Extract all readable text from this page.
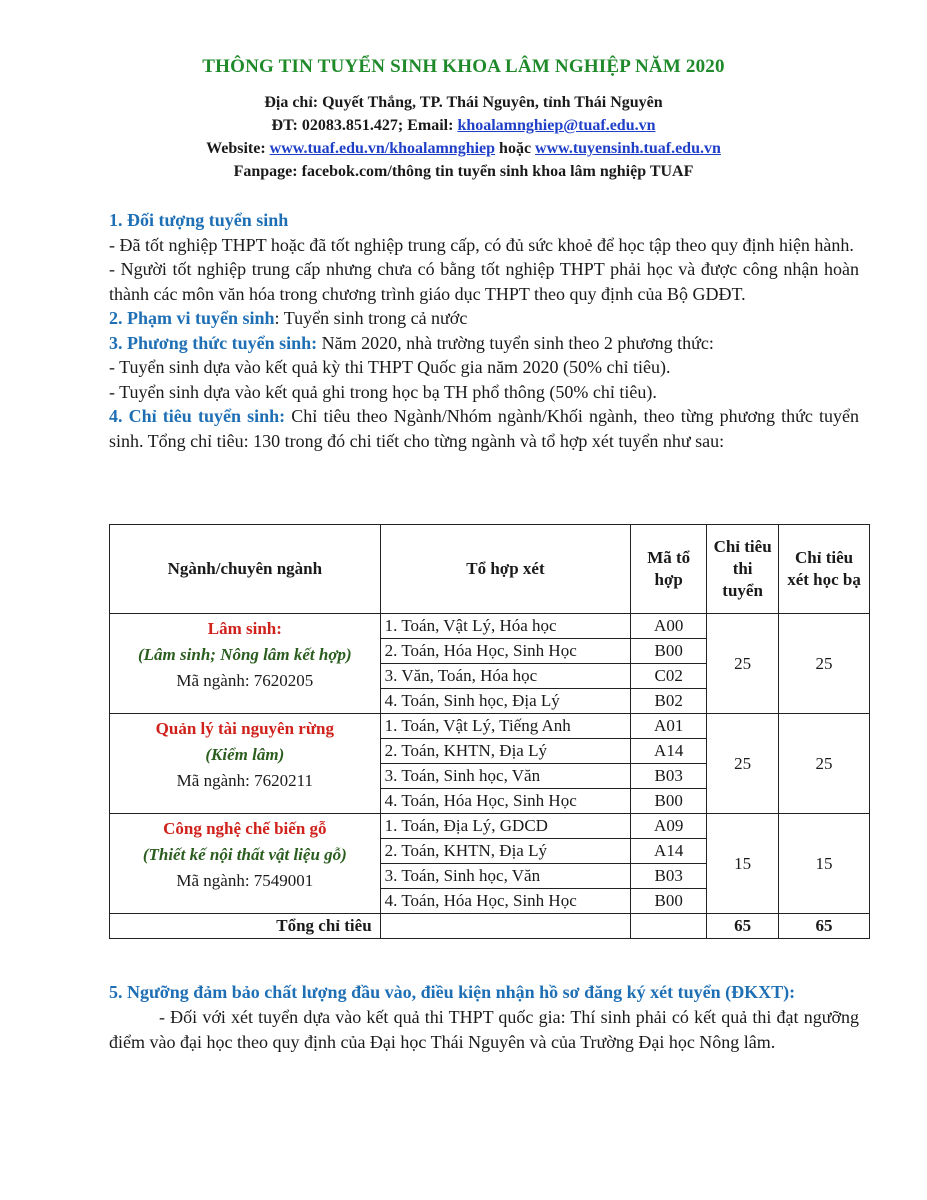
THÔNG TIN TUYỂN SINH KHOA LÂM NGHIỆP NĂM 2020
Địa chỉ: Quyết Thắng, TP. Thái Nguyên, tỉnh Thái Nguyên
ĐT: 02083.851.427; Email: khoalamnghiep@tuaf.edu.vn
Website: www.tuaf.edu.vn/khoalamnghiep hoặc www.tuyensinh.tuaf.edu.vn
Fanpage: facebok.com/thông tin tuyển sinh khoa lâm nghiệp TUAF

1. Đối tượng tuyển sinh

- Đã tốt nghiệp THPT hoặc đã tốt nghiệp trung cấp, có đủ sức khoẻ để học tập theo quy định hiện hành.

- Người tốt nghiệp trung cấp nhưng chưa có bằng tốt nghiệp THPT phải học và được công nhận hoàn thành các môn văn hóa trong chương trình giáo dục THPT theo quy định của Bộ GDĐT.

2. Phạm vi tuyển sinh: Tuyển sinh trong cả nước

3. Phương thức tuyển sinh: Năm 2020, nhà trường tuyển sinh theo 2 phương thức:

- Tuyển sinh dựa vào kết quả kỳ thi THPT Quốc gia năm 2020 (50% chỉ tiêu).

- Tuyển sinh dựa vào kết quả ghi trong học bạ TH phổ thông (50% chỉ tiêu).

4. Chỉ tiêu tuyển sinh: Chỉ tiêu theo Ngành/Nhóm ngành/Khối ngành, theo từng phương thức tuyển sinh. Tổng chỉ tiêu: 130 trong đó chi tiết cho từng ngành và tổ hợp xét tuyển như sau:

Ngành/chuyên ngành	Tổ hợp xét	Mã tổ hợp	Chỉ tiêu thi tuyển	Chỉ tiêu xét học bạ

Lâm sinh:
(Lâm sinh; Nông lâm kết hợp)
Mã ngành: 7620205	1. Toán, Vật Lý, Hóa học	A00	25	25
	2. Toán, Hóa Học, Sinh Học	B00		
	3. Văn, Toán, Hóa học	C02		
	4. Toán, Sinh học, Địa Lý	B02		

Quản lý tài nguyên rừng
(Kiểm lâm)
Mã ngành: 7620211	1. Toán, Vật Lý, Tiếng Anh	A01	25	25
	2. Toán, KHTN, Địa Lý	A14		
	3. Toán, Sinh học, Văn	B03		
	4. Toán, Hóa Học, Sinh Học	B00		

Công nghệ chế biến gỗ
(Thiết kế nội thất vật liệu gỗ)
Mã ngành: 7549001	1. Toán, Địa Lý, GDCD	A09	15	15
	2. Toán, KHTN, Địa Lý	A14		
	3. Toán, Sinh học, Văn	B03		
	4. Toán, Hóa Học, Sinh Học	B00		
Tổng chỉ tiêu			65	65

5. Ngưỡng đảm bảo chất lượng đầu vào, điều kiện nhận hồ sơ đăng ký xét tuyển (ĐKXT):

- Đối với xét tuyển dựa vào kết quả thi THPT quốc gia: Thí sinh phải có kết quả thi đạt ngưỡng điểm vào đại học theo quy định của Đại học Thái Nguyên và của Trường Đại học Nông lâm.
